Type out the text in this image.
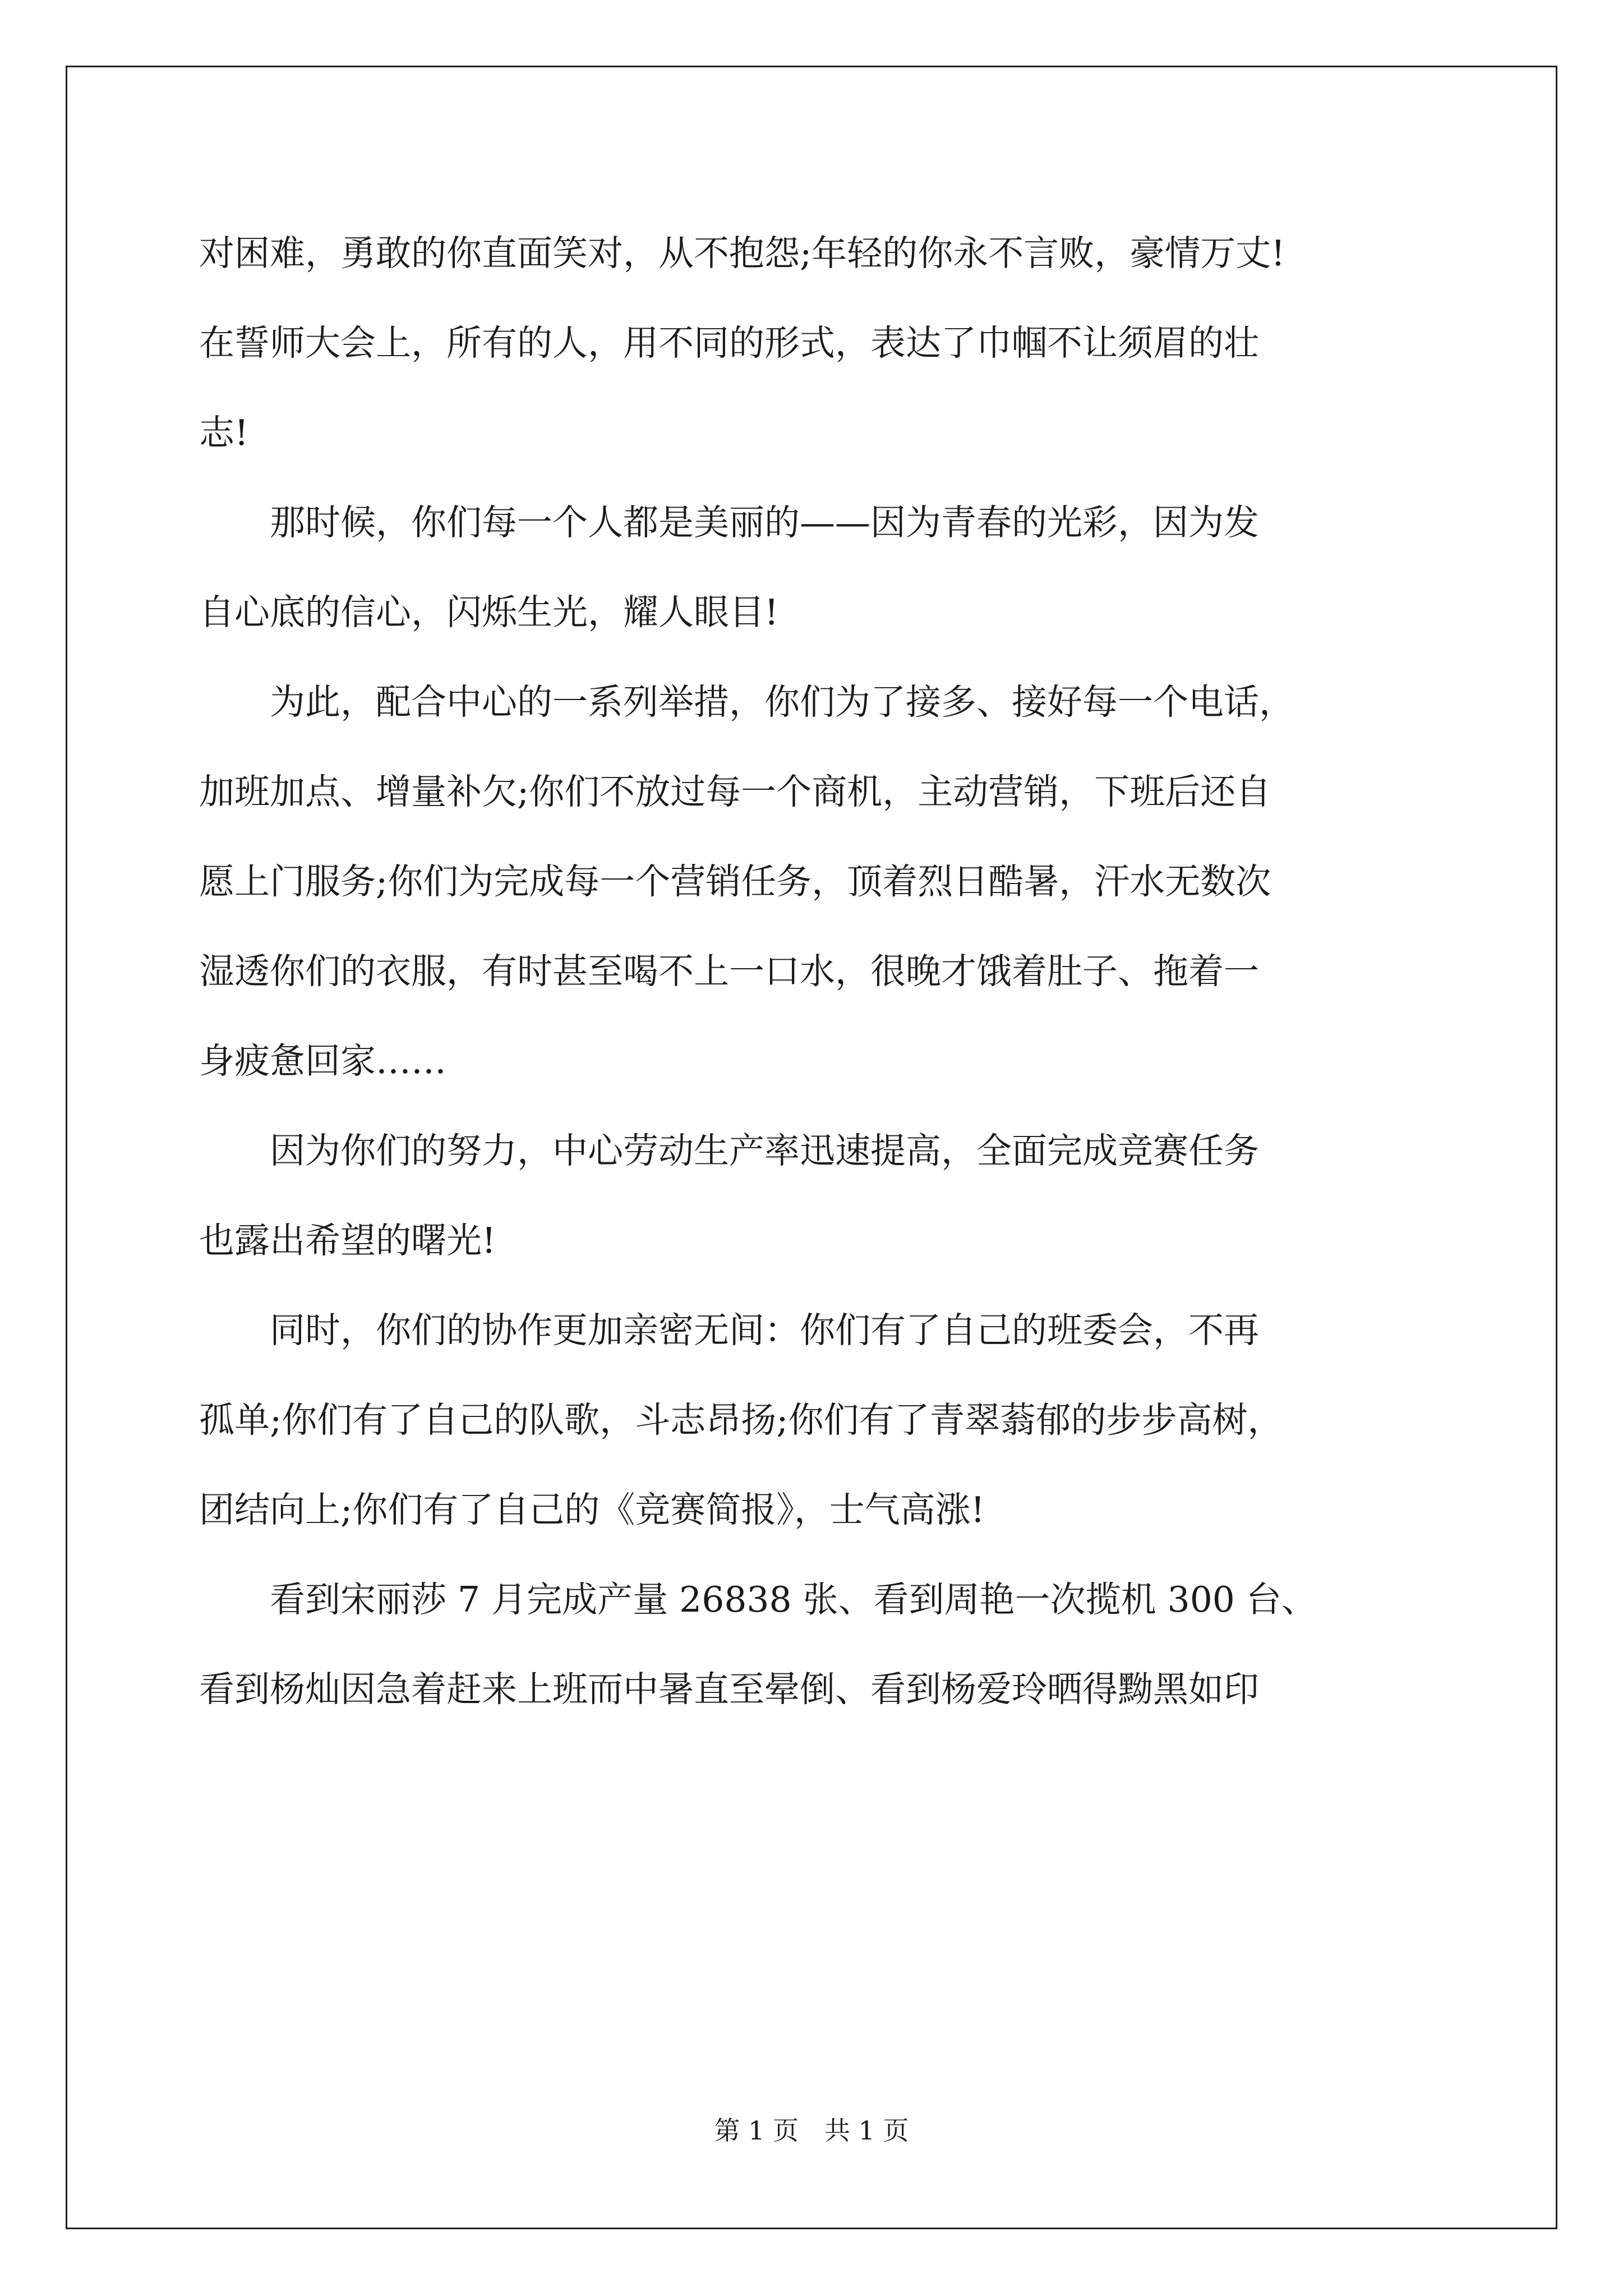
对困难，勇敢的你直面笑对，从不抱怨;年轻的你永不言败，豪情万丈!
在誓师大会上，所有的人，用不同的形式，表达了巾帼不让须眉的壮
志!
　　那时候，你们每一个人都是美丽的——因为青春的光彩，因为发
自心底的信心，闪烁生光，耀人眼目!
　　为此，配合中心的一系列举措，你们为了接多、接好每一个电话，
加班加点、增量补欠;你们不放过每一个商机，主动营销，下班后还自
愿上门服务;你们为完成每一个营销任务，顶着烈日酷暑，汗水无数次
湿透你们的衣服，有时甚至喝不上一口水，很晚才饿着肚子、拖着一
身疲惫回家……
　　因为你们的努力，中心劳动生产率迅速提高，全面完成竞赛任务
也露出希望的曙光!
　　同时，你们的协作更加亲密无间：你们有了自己的班委会，不再
孤单;你们有了自己的队歌，斗志昂扬;你们有了青翠蓊郁的步步高树，
团结向上;你们有了自己的《竞赛简报》，士气高涨!
　　看到宋丽莎 7 月完成产量 26838 张、看到周艳一次揽机 300 台、
看到杨灿因急着赶来上班而中暑直至晕倒、看到杨爱玲晒得黝黑如印
第 1 页　共 1 页
